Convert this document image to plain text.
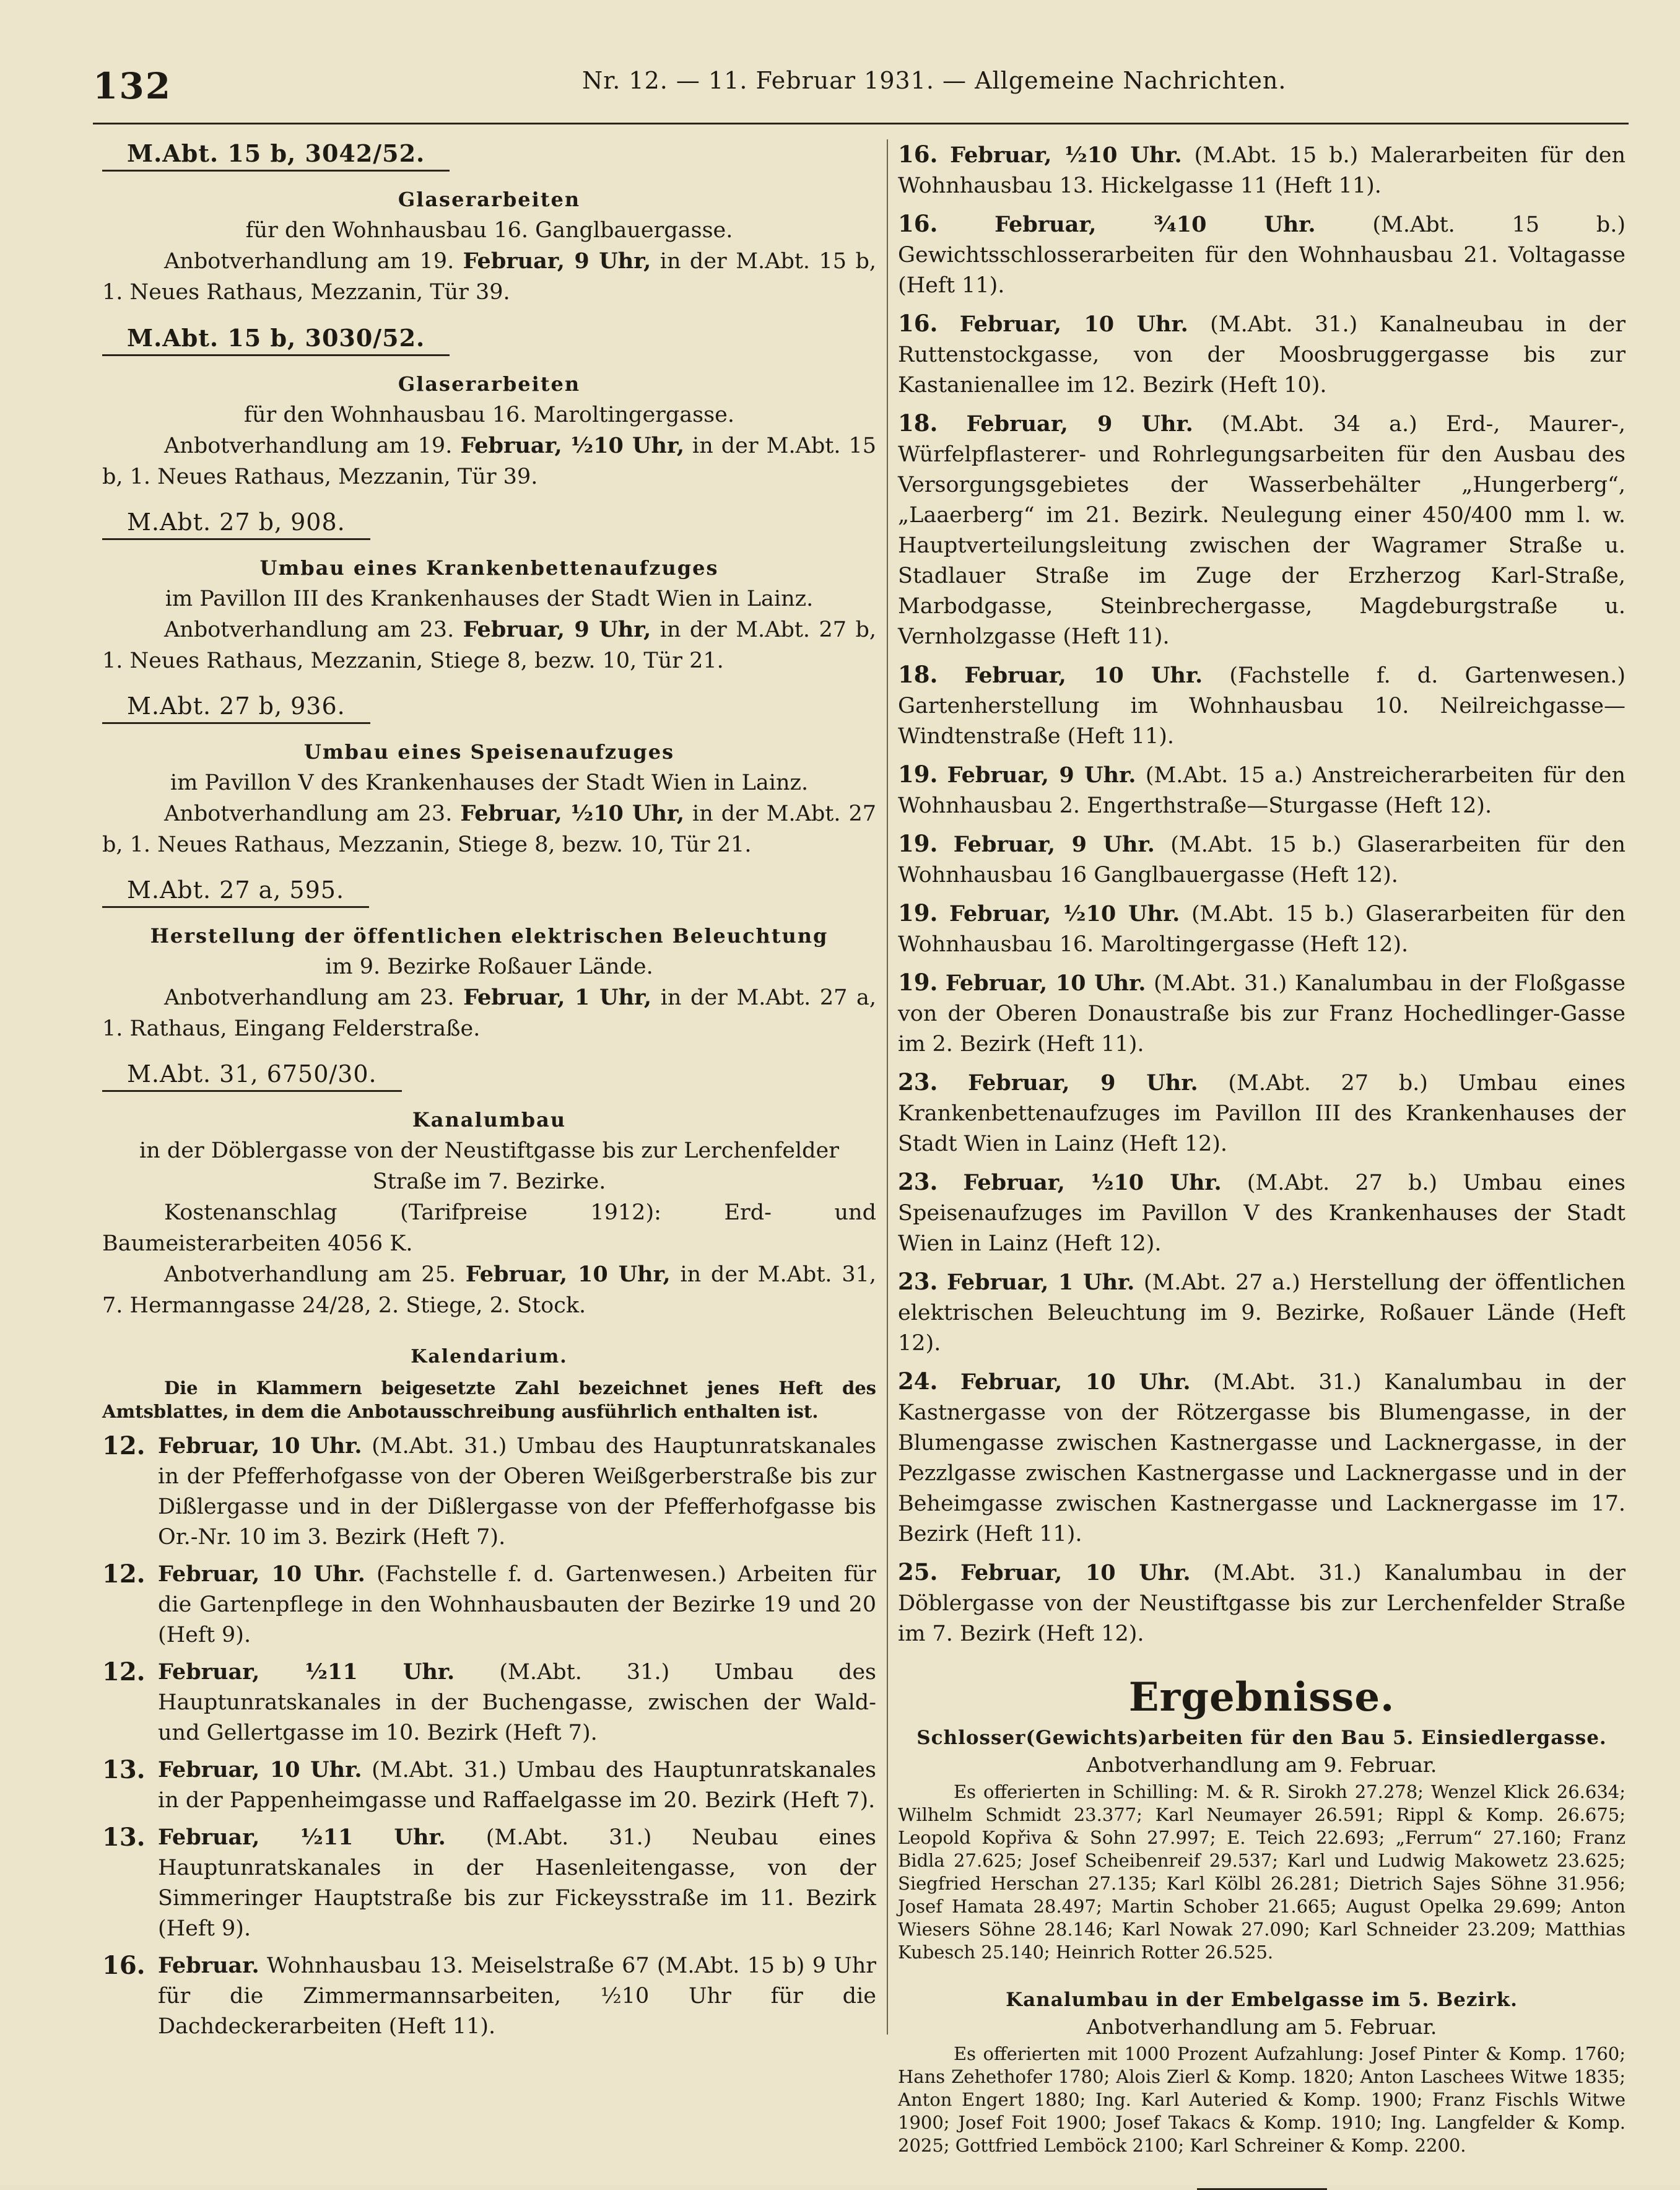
132	Nr. 12. — 11. Februar 1931. — Allgemeine Nachrichten.
M.Abt. 15 b, 3042/52.
Glaserarbeiten
für den Wohnhausbau 16. Ganglbauergasse.
Anbotverhandlung am 19. Februar, 9 Uhr, in der M.Abt. 15 b, 1. Neues Rathaus, Mezzanin, Tür 39.
M.Abt. 15 b, 3030/52.
Glaserarbeiten
für den Wohnhausbau 16. Maroltingergasse.
Anbotverhandlung am 19. Februar, ½10 Uhr, in der M.Abt. 15 b, 1. Neues Rathaus, Mezzanin, Tür 39.
M.Abt. 27 b, 908.
Umbau eines Krankenbettenaufzuges
im Pavillon III des Krankenhauses der Stadt Wien in Lainz.
Anbotverhandlung am 23. Februar, 9 Uhr, in der M.Abt. 27 b, 1. Neues Rathaus, Mezzanin, Stiege 8, bezw. 10, Tür 21.
M.Abt. 27 b, 936.
Umbau eines Speisenaufzuges
im Pavillon V des Krankenhauses der Stadt Wien in Lainz.
Anbotverhandlung am 23. Februar, ½10 Uhr, in der M.Abt. 27 b, 1. Neues Rathaus, Mezzanin, Stiege 8, bezw. 10, Tür 21.
M.Abt. 27 a, 595.
Herstellung der öffentlichen elektrischen Beleuchtung
im 9. Bezirke Roßauer Lände.
Anbotverhandlung am 23. Februar, 1 Uhr, in der M.Abt. 27 a, 1. Rathaus, Eingang Felderstraße.
M.Abt. 31, 6750/30.
Kanalumbau
in der Döblergasse von der Neustiftgasse bis zur Lerchenfelder Straße im 7. Bezirke.
Kostenanschlag (Tarifpreise 1912): Erd- und Baumeisterarbeiten 4056 K.
Anbotverhandlung am 25. Februar, 10 Uhr, in der M.Abt. 31, 7. Hermanngasse 24/28, 2. Stiege, 2. Stock.
Kalendarium.
Die in Klammern beigesetzte Zahl bezeichnet jenes Heft des Amtsblattes, in dem die Anbotausschreibung ausführlich enthalten ist.
12. Februar, 10 Uhr. (M.Abt. 31.) Umbau des Hauptunratskanales in der Pfefferhofgasse von der Oberen Weißgerberstraße bis zur Dißlergasse und in der Dißlergasse von der Pfefferhofgasse bis Or.-Nr. 10 im 3. Bezirk (Heft 7).
12. Februar, 10 Uhr. (Fachstelle f. d. Gartenwesen.) Arbeiten für die Gartenpflege in den Wohnhausbauten der Bezirke 19 und 20 (Heft 9).
12. Februar, ½11 Uhr. (M.Abt. 31.) Umbau des Hauptunratskanales in der Buchengasse, zwischen der Wald- und Gellertgasse im 10. Bezirk (Heft 7).
13. Februar, 10 Uhr. (M.Abt. 31.) Umbau des Hauptunratskanales in der Pappenheimgasse und Raffaelgasse im 20. Bezirk (Heft 7).
13. Februar, ½11 Uhr. (M.Abt. 31.) Neubau eines Hauptunratskanales in der Hasenleitengasse, von der Simmeringer Hauptstraße bis zur Fickeysstraße im 11. Bezirk (Heft 9).
16. Februar. Wohnhausbau 13. Meiselstraße 67 (M.Abt. 15 b) 9 Uhr für die Zimmermannsarbeiten, ½10 Uhr für die Dachdeckerarbeiten (Heft 11).
16. Februar, ½10 Uhr. (M.Abt. 15 b.) Malerarbeiten für den Wohnhausbau 13. Hickelgasse 11 (Heft 11).
16.	Februar, ¾10 Uhr. (M.Abt. 15 b.) Gewichtsschlosserarbeiten für den Wohnhausbau 21. Voltagasse (Heft 11).
16. Februar, 10 Uhr. (M.Abt. 31.) Kanalneubau in der Ruttenstockgasse, von der Moosbruggergasse bis zur Kastanienallee im 12. Bezirk (Heft 10).
18. Februar, 9 Uhr. (M.Abt. 34 a.) Erd-, Maurer-, Würfelpflasterer- und Rohrlegungsarbeiten für den Ausbau des Versorgungsgebietes der Wasserbehälter „Hungerberg“, „Laaerberg“ im 21. Bezirk. Neulegung einer 450/400 mm l. w. Hauptverteilungsleitung zwischen der Wagramer Straße u. Stadlauer Straße im Zuge der Erzherzog Karl-Straße, Marbodgasse, Steinbrechergasse, Magdeburgstraße u. Vernholzgasse (Heft 11).
18. Februar, 10 Uhr. (Fachstelle f. d. Gartenwesen.) Gartenherstellung im Wohnhausbau 10. Neilreichgasse—Windtenstraße (Heft 11).
19. Februar, 9 Uhr. (M.Abt. 15 a.) Anstreicherarbeiten für den Wohnhausbau 2. Engerthstraße—Sturgasse (Heft 12).
19. Februar, 9 Uhr. (M.Abt. 15 b.) Glaserarbeiten für den Wohnhausbau 16 Ganglbauergasse (Heft 12).
19. Februar, ½10 Uhr. (M.Abt. 15 b.) Glaserarbeiten für den Wohnhausbau 16. Maroltingergasse (Heft 12).
19. Februar, 10 Uhr. (M.Abt. 31.) Kanalumbau in der Floßgasse von der Oberen Donaustraße bis zur Franz Hochedlinger-Gasse im 2. Bezirk (Heft 11).
23. Februar, 9 Uhr. (M.Abt. 27 b.) Umbau eines Krankenbettenaufzuges im Pavillon III des Krankenhauses der Stadt Wien in Lainz (Heft 12).
23. Februar, ½10 Uhr. (M.Abt. 27 b.) Umbau eines Speisenaufzuges im Pavillon V des Krankenhauses der Stadt Wien in Lainz (Heft 12).
23. Februar, 1 Uhr. (M.Abt. 27 a.) Herstellung der öffentlichen elektrischen Beleuchtung im 9. Bezirke, Roßauer Lände (Heft 12).
24. Februar, 10 Uhr. (M.Abt. 31.) Kanalumbau in der Kastnergasse von der Rötzergasse bis Blumengasse, in der Blumengasse zwischen Kastnergasse und Lacknergasse, in der Pezzlgasse zwischen Kastnergasse und Lacknergasse und in der Beheimgasse zwischen Kastnergasse und Lacknergasse im 17. Bezirk (Heft 11).
25. Februar, 10 Uhr. (M.Abt. 31.) Kanalumbau in der Döblergasse von der Neustiftgasse bis zur Lerchenfelder Straße im 7. Bezirk (Heft 12).
Ergebnisse.
Schlosser(Gewichts)arbeiten für den Bau 5. Einsiedlergasse.
Anbotverhandlung am 9. Februar.
Es offerierten in Schilling: M. & R. Sirokh 27.278; Wenzel Klick 26.634; Wilhelm Schmidt 23.377; Karl Neumayer 26.591; Rippl & Komp. 26.675; Leopold Kopřiva & Sohn 27.997; E. Teich 22.693; „Ferrum“ 27.160; Franz Bidla 27.625; Josef Scheibenreif 29.537; Karl und Ludwig Makowetz 23.625; Siegfried Herschan 27.135; Karl Kölbl 26.281; Dietrich Sajes Söhne 31.956; Josef Hamata 28.497; Martin Schober 21.665; August Opelka 29.699; Anton Wiesers Söhne 28.146; Karl Nowak 27.090; Karl Schneider 23.209; Matthias Kubesch 25.140; Heinrich Rotter 26.525.
Kanalumbau in der Embelgasse im 5. Bezirk.
Anbotverhandlung am 5. Februar.
Es offerierten mit 1000 Prozent Aufzahlung: Josef Pinter & Komp. 1760; Hans Zehethofer 1780; Alois Zierl & Komp. 1820; Anton Laschees Witwe 1835; Anton Engert 1880; Ing. Karl Auteried & Komp. 1900; Franz Fischls Witwe 1900; Josef Foit 1900; Josef Takacs & Komp. 1910; Ing. Langfelder & Komp. 2025; Gottfried Lemböck 2100; Karl Schreiner & Komp. 2200.
